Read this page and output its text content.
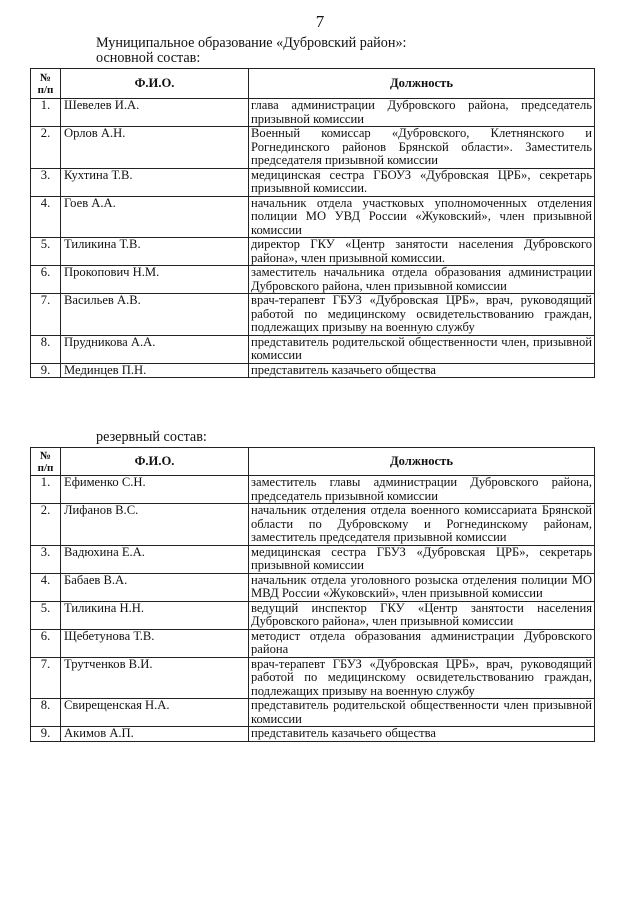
7
Муниципальное образование «Дубровский район»:
основной состав:
№
п/п	Ф.И.О.	Должность
1.	Шевелев И.А.	глава администрации Дубровского района, председатель призывной комиссии
2.	Орлов А.Н.	Военный комиссар «Дубровского, Клетнянского и Рогнединского районов Брянской области». Заместитель председателя призывной комиссии
3.	Кухтина Т.В.	медицинская сестра ГБОУЗ «Дубровская ЦРБ», секретарь призывной комиссии.
4.	Гоев А.А.	начальник отдела участковых уполномоченных отделения полиции МО УВД России «Жуковский», член призывной комиссии
5.	Тиликина Т.В.	директор ГКУ «Центр занятости населения Дубровского района», член призывной комиссии.
6.	Прокопович Н.М.	заместитель начальника отдела образования администрации Дубровского района, член призывной комиссии
7.	Васильев А.В.	врач-терапевт ГБУЗ «Дубровская ЦРБ», врач, руководящий работой по медицинскому освидетельствованию граждан, подлежащих призыву на военную службу
8.	Прудникова А.А.	представитель родительской общественности член, призывной комиссии
9.	Мединцев П.Н.	представитель казачьего общества
резервный состав:
№
п/п	Ф.И.О.	Должность
1.	Ефименко С.Н.	заместитель главы администрации Дубровского района, председатель призывной комиссии
2.	Лифанов В.С.	начальник отделения отдела военного комиссариата Брянской области по Дубровскому и Рогнединскому районам, заместитель председателя призывной комиссии
3.	Вадюхина Е.А.	медицинская сестра ГБУЗ «Дубровская ЦРБ», секретарь призывной комиссии
4.	Бабаев В.А.	начальник отдела уголовного розыска отделения полиции МО МВД России «Жуковский», член призывной комиссии
5.	Тиликина Н.Н.	ведущий инспектор ГКУ «Центр занятости населения Дубровского района», член призывной комиссии
6.	Щебетунова Т.В.	методист отдела образования администрации Дубровского района
7.	Трутченков В.И.	врач-терапевт ГБУЗ «Дубровская ЦРБ», врач, руководящий работой по медицинскому освидетельствованию граждан, подлежащих призыву на военную службу
8.	Свирещенская Н.А.	представитель родительской общественности член призывной комиссии
9.	Акимов А.П.	представитель казачьего общества
